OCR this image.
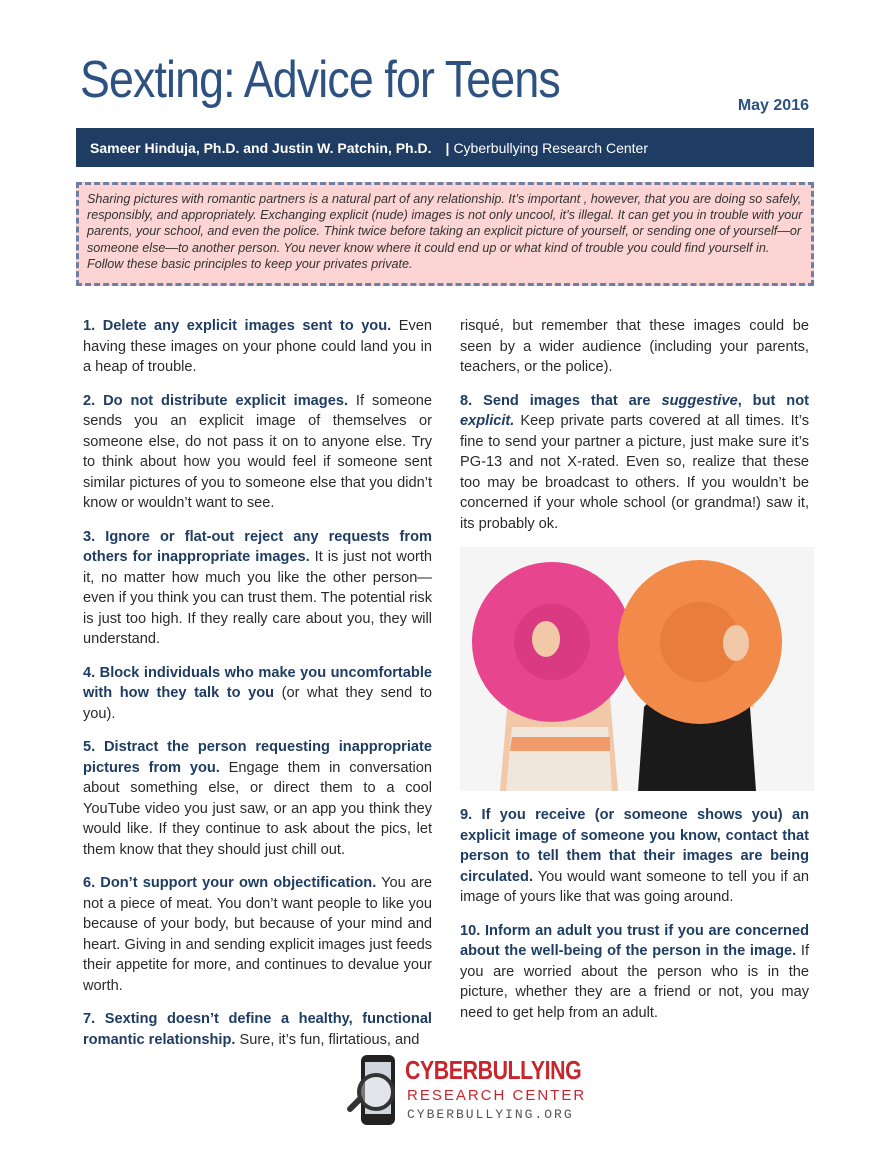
Sexting: Advice for Teens	May 2016
Sameer Hinduja, Ph.D. and Justin W. Patchin, Ph.D. | Cyberbullying Research Center
Sharing pictures with romantic partners is a natural part of any relationship. It’s important , however, that you are doing so safely, responsibly, and appropriately. Exchanging explicit (nude) images is not only uncool, it’s illegal. It can get you in trouble with your parents, your school, and even the police. Think twice before taking an explicit picture of yourself, or sending one of yourself—or someone else—to another person. You never know where it could end up or what kind of trouble you could find yourself in. Follow these basic principles to keep your privates private.

1. Delete any explicit images sent to you. Even having these images on your phone could land you in a heap of trouble.

2. Do not distribute explicit images. If someone sends you an explicit image of themselves or someone else, do not pass it on to anyone else. Try to think about how you would feel if someone sent similar pictures of you to someone else that you didn’t know or wouldn’t want to see.

3. Ignore or flat-out reject any requests from others for inappropriate images. It is just not worth it, no matter how much you like the other person—even if you think you can trust them. The potential risk is just too high. If they really care about you, they will understand.

4. Block individuals who make you uncomfortable with how they talk to you (or what they send to you).

5. Distract the person requesting inappropriate pictures from you. Engage them in conversation about something else, or direct them to a cool YouTube video you just saw, or an app you think they would like. If they continue to ask about the pics, let them know that they should just chill out.

6. Don’t support your own objectification. You are not a piece of meat. You don’t want people to like you because of your body, but because of your mind and heart. Giving in and sending explicit images just feeds their appetite for more, and continues to devalue your worth.

7. Sexting doesn’t define a healthy, functional romantic relationship. Sure, it’s fun, flirtatious, and

risqué, but remember that these images could be seen by a wider audience (including your parents, teachers, or the police).

8. Send images that are suggestive, but not explicit. Keep private parts covered at all times. It’s fine to send your partner a picture, just make sure it’s PG-13 and not X-rated. Even so, realize that these too may be broadcast to others. If you wouldn’t be concerned if your whole school (or grandma!) saw it, its probably ok.

9. If you receive (or someone shows you) an explicit image of someone you know, contact that person to tell them that their images are being circulated. You would want someone to tell you if an image of yours like that was going around.

10. Inform an adult you trust if you are concerned about the well-being of the person in the image. If you are worried about the person who is in the picture, whether they are a friend or not, you may need to get help from an adult.

CYBERBULLYING
RESEARCH CENTER
CYBERBULLYING.ORG
